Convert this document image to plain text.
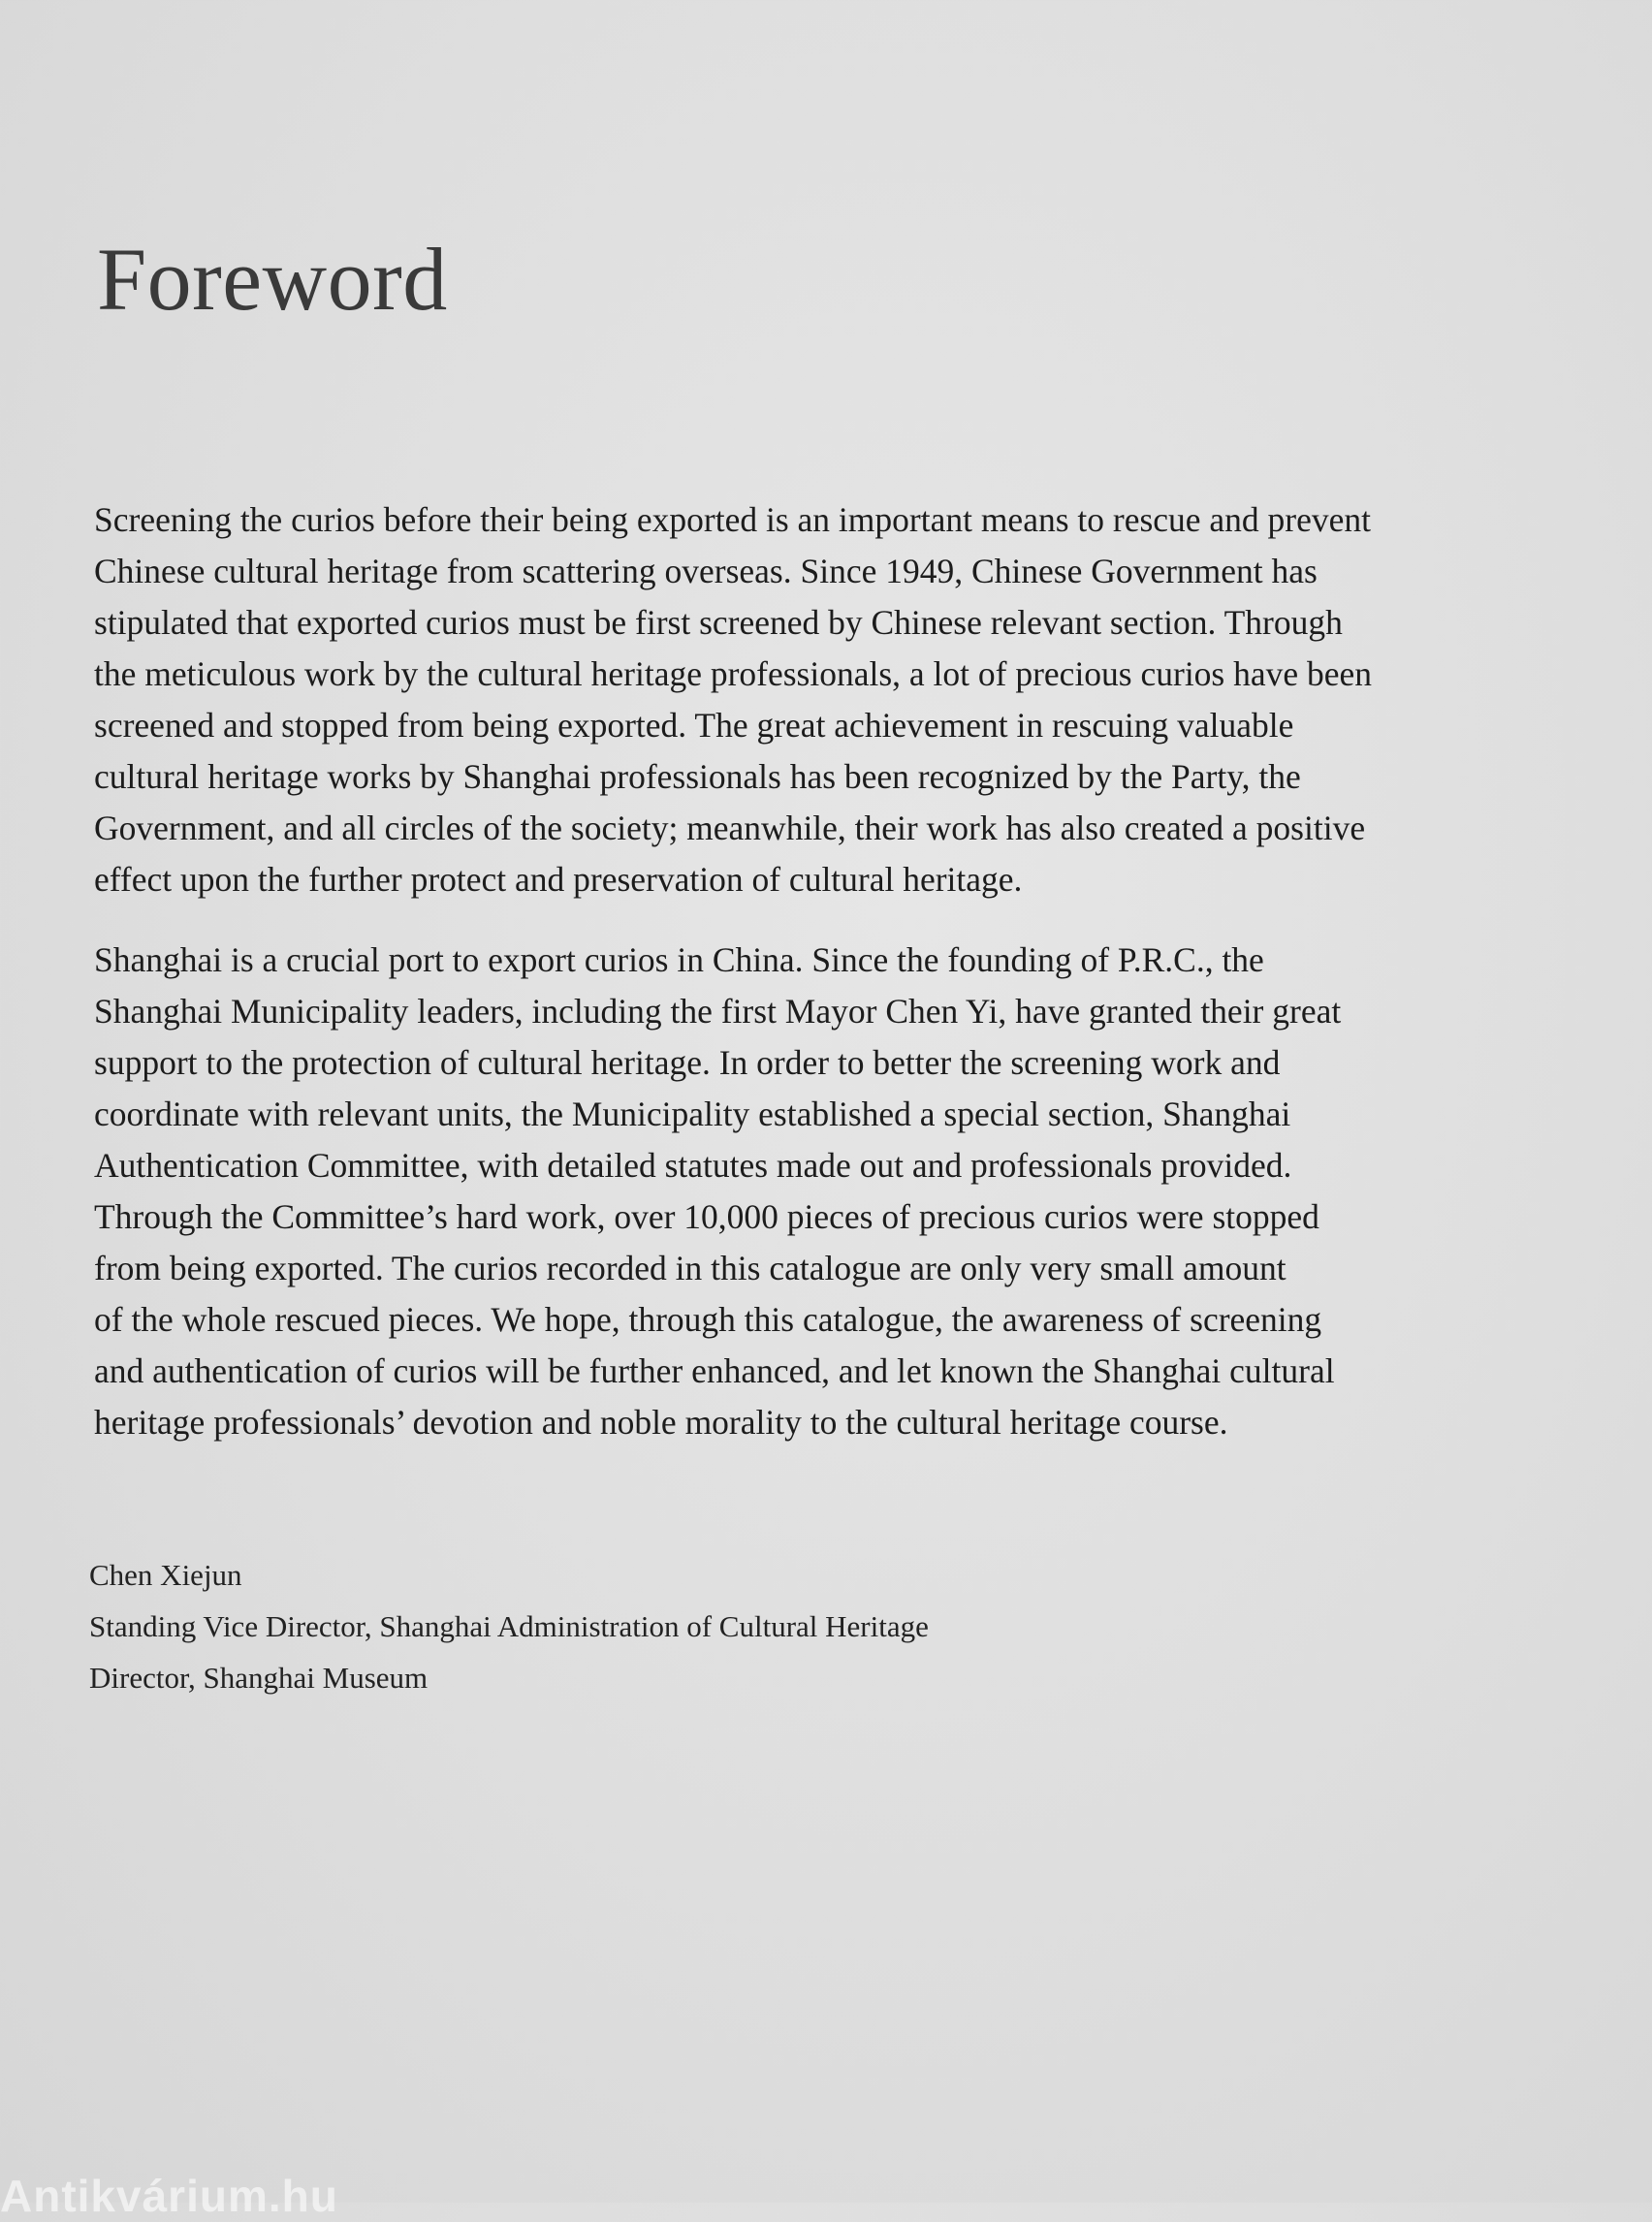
Foreword

Screening the curios before their being exported is an important means to rescue and prevent
Chinese cultural heritage from scattering overseas. Since 1949, Chinese Government has
stipulated that exported curios must be first screened by Chinese relevant section. Through
the meticulous work by the cultural heritage professionals, a lot of precious curios have been
screened and stopped from being exported. The great achievement in rescuing valuable
cultural heritage works by Shanghai professionals has been recognized by the Party, the
Government, and all circles of the society; meanwhile, their work has also created a positive
effect upon the further protect and preservation of cultural heritage.

Shanghai is a crucial port to export curios in China. Since the founding of P.R.C., the
Shanghai Municipality leaders, including the first Mayor Chen Yi, have granted their great
support to the protection of cultural heritage. In order to better the screening work and
coordinate with relevant units, the Municipality established a special section, Shanghai
Authentication Committee, with detailed statutes made out and professionals provided.
Through the Committee’s hard work, over 10,000 pieces of precious curios were stopped
from being exported. The curios recorded in this catalogue are only very small amount
of the whole rescued pieces. We hope, through this catalogue, the awareness of screening
and authentication of curios will be further enhanced, and let known the Shanghai cultural
heritage professionals’ devotion and noble morality to the cultural heritage course.

Chen Xiejun
Standing Vice Director, Shanghai Administration of Cultural Heritage
Director, Shanghai Museum
Antikvárium.hu
